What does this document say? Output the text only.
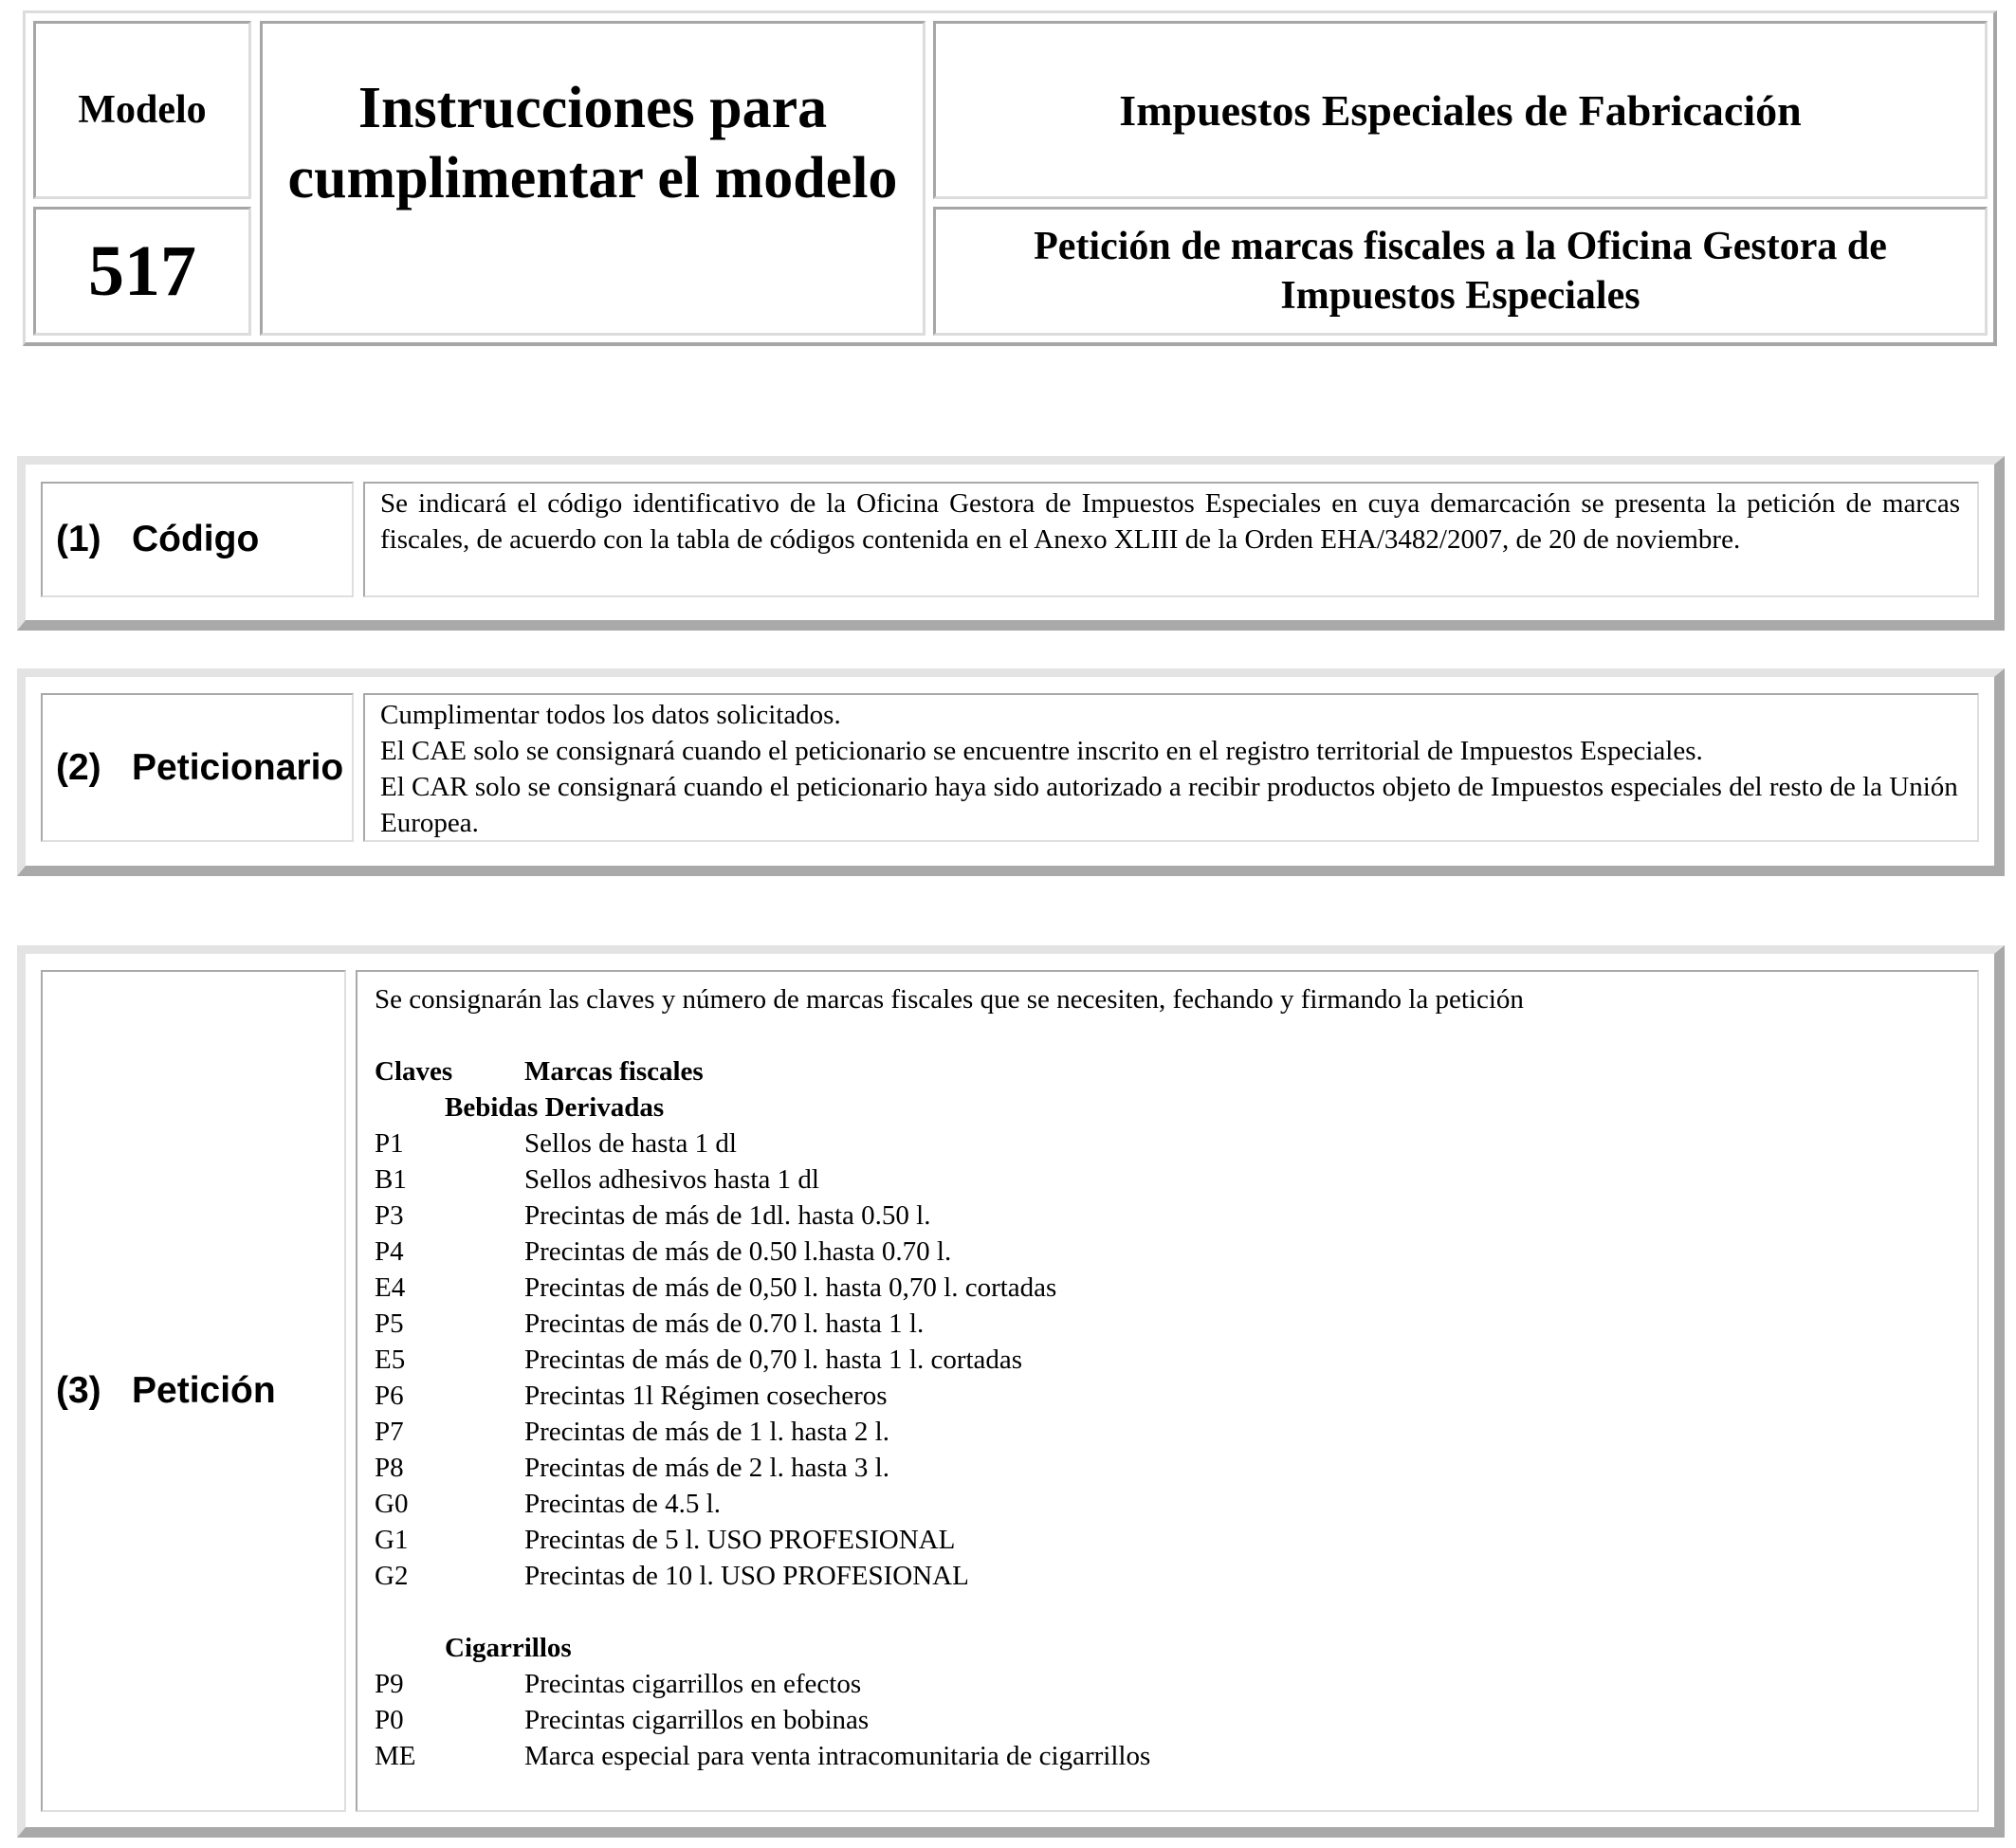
Modelo
517
Instrucciones para cumplimentar el modelo
Impuestos Especiales de Fabricación
Petición de marcas fiscales a la Oficina Gestora de Impuestos Especiales
(1) Código
Se indicará el código identificativo de la Oficina Gestora de Impuestos Especiales en cuya demarcación se presenta la petición de marcas fiscales, de acuerdo con la tabla de códigos contenida en el Anexo XLIII de la Orden EHA/3482/2007, de 20 de noviembre.
(2) Peticionario
Cumplimentar todos los datos solicitados.
El CAE solo se consignará cuando el peticionario se encuentre inscrito en el registro territorial de Impuestos Especiales.
El CAR solo se consignará cuando el peticionario haya sido autorizado a recibir productos objeto de Impuestos especiales del resto de la Unión Europea.
(3) Petición
Se consignarán las claves y número de marcas fiscales que se necesiten, fechando y firmando la petición
Claves	Marcas fiscales
Bebidas Derivadas
P1	Sellos de hasta 1 dl
B1	Sellos adhesivos hasta 1 dl
P3	Precintas de más de 1dl. hasta 0.50 l.
P4	Precintas de más de 0.50 l.hasta 0.70 l.
E4	Precintas de más de 0,50 l. hasta 0,70 l. cortadas
P5	Precintas de más de 0.70 l. hasta 1 l.
E5	Precintas de más de 0,70 l. hasta 1 l. cortadas
P6	Precintas 1l Régimen cosecheros
P7	Precintas de más de 1 l. hasta 2 l.
P8	Precintas de más de 2 l. hasta 3 l.
G0	Precintas de 4.5 l.
G1	Precintas de 5 l. USO PROFESIONAL
G2	Precintas de 10 l. USO PROFESIONAL
Cigarrillos
P9	Precintas cigarrillos en efectos
P0	Precintas cigarrillos en bobinas
ME	Marca especial para venta intracomunitaria de cigarrillos
